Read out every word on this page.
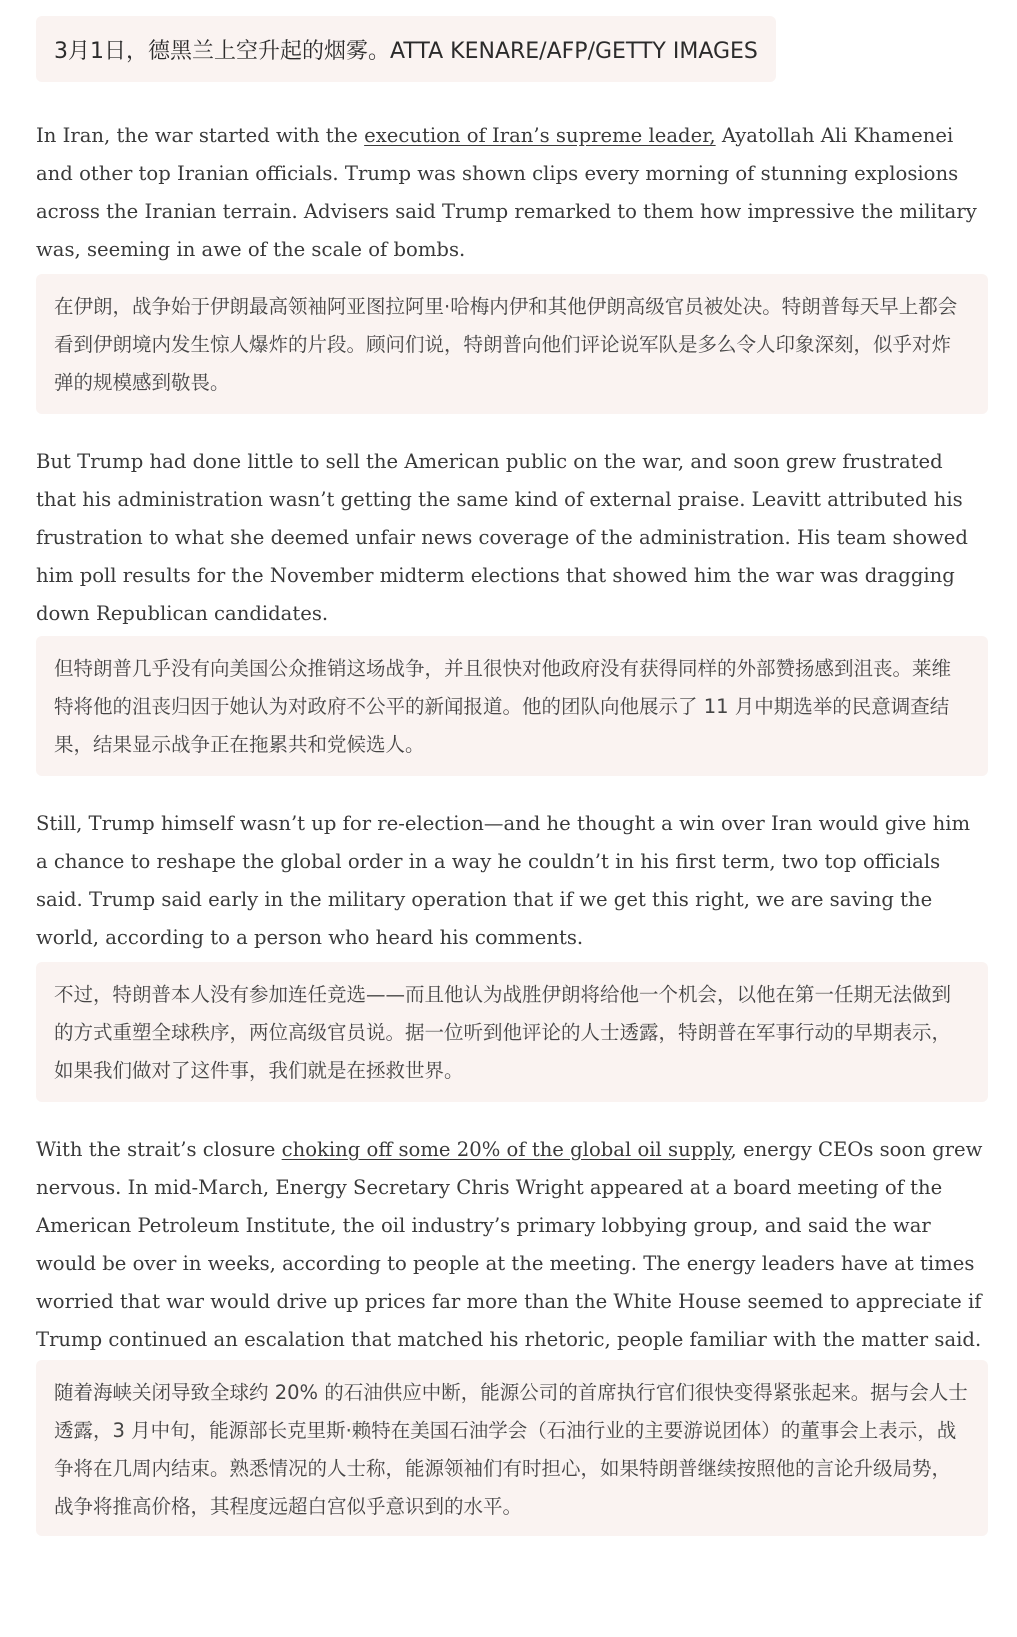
3月1日，德黑兰上空升起的烟雾。ATTA KENARE/AFP/GETTY IMAGES

In Iran, the war started with the execution of Iran’s supreme leader, Ayatollah Ali Khamenei and other top Iranian officials. Trump was shown clips every morning of stunning explosions across the Iranian terrain. Advisers said Trump remarked to them how impressive the military was, seeming in awe of the scale of bombs.

在伊朗，战争始于伊朗最高领袖阿亚图拉阿里·哈梅内伊和其他伊朗高级官员被处决。特朗普每天早上都会看到伊朗境内发生惊人爆炸的片段。顾问们说，特朗普向他们评论说军队是多么令人印象深刻，似乎对炸弹的规模感到敬畏。

But Trump had done little to sell the American public on the war, and soon grew frustrated that his administration wasn’t getting the same kind of external praise. Leavitt attributed his frustration to what she deemed unfair news coverage of the administration. His team showed him poll results for the November midterm elections that showed him the war was dragging down Republican candidates.

但特朗普几乎没有向美国公众推销这场战争，并且很快对他政府没有获得同样的外部赞扬感到沮丧。莱维特将他的沮丧归因于她认为对政府不公平的新闻报道。他的团队向他展示了 11 月中期选举的民意调查结果，结果显示战争正在拖累共和党候选人。

Still, Trump himself wasn’t up for re-election—and he thought a win over Iran would give him a chance to reshape the global order in a way he couldn’t in his first term, two top officials said. Trump said early in the military operation that if we get this right, we are saving the world, according to a person who heard his comments.

不过，特朗普本人没有参加连任竞选——而且他认为战胜伊朗将给他一个机会，以他在第一任期无法做到的方式重塑全球秩序，两位高级官员说。据一位听到他评论的人士透露，特朗普在军事行动的早期表示，如果我们做对了这件事，我们就是在拯救世界。

With the strait’s closure choking off some 20% of the global oil supply, energy CEOs soon grew nervous. In mid-March, Energy Secretary Chris Wright appeared at a board meeting of the American Petroleum Institute, the oil industry’s primary lobbying group, and said the war would be over in weeks, according to people at the meeting. The energy leaders have at times worried that war would drive up prices far more than the White House seemed to appreciate if Trump continued an escalation that matched his rhetoric, people familiar with the matter said.

随着海峡关闭导致全球约 20% 的石油供应中断，能源公司的首席执行官们很快变得紧张起来。据与会人士透露，3 月中旬，能源部长克里斯·赖特在美国石油学会（石油行业的主要游说团体）的董事会上表示，战争将在几周内结束。熟悉情况的人士称，能源领袖们有时担心，如果特朗普继续按照他的言论升级局势，战争将推高价格，其程度远超白宫似乎意识到的水平。
